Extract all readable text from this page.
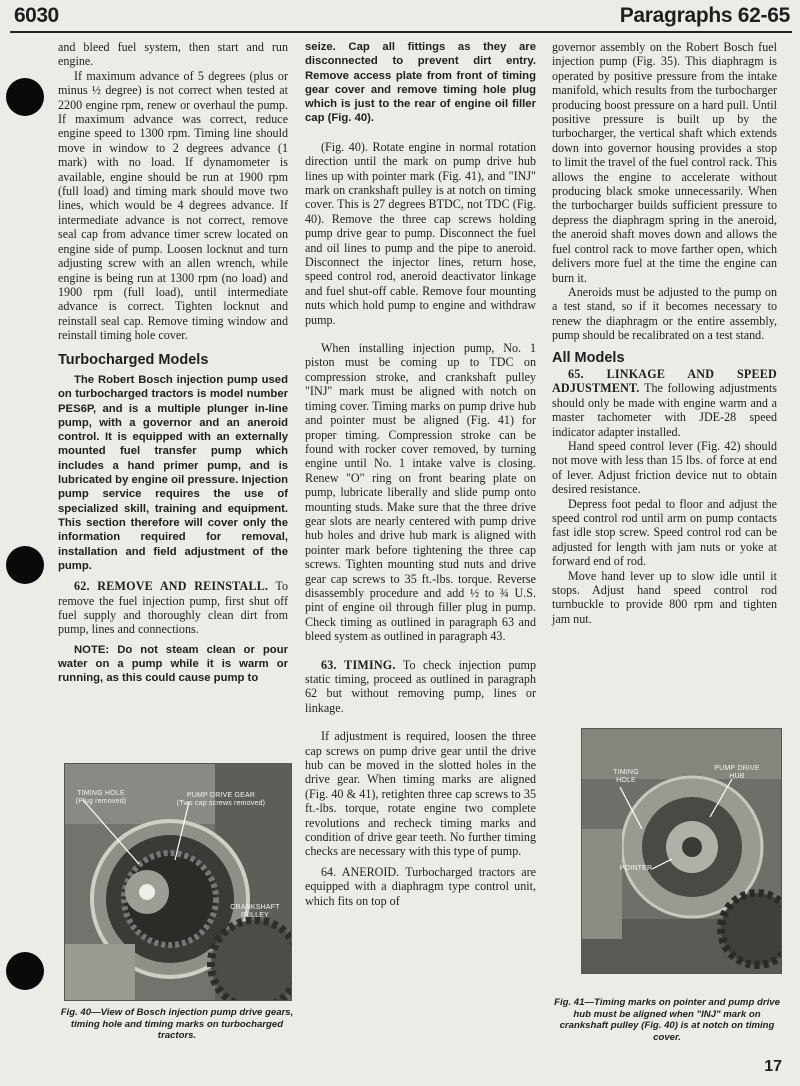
6030	Paragraphs 62-65

and bleed fuel system, then start and run engine.

If maximum advance of 5 degrees (plus or minus ½ degree) is not correct when tested at 2200 engine rpm, renew or overhaul the pump. If maximum advance was correct, reduce engine speed to 1300 rpm. Timing line should move in window to 2 degrees advance (1 mark) with no load. If dynamometer is available, engine should be run at 1900 rpm (full load) and timing mark should move two lines, which would be 4 degrees advance. If intermediate advance is not correct, remove seal cap from advance timer screw located on engine side of pump. Loosen locknut and turn adjusting screw with an allen wrench, while engine is being run at 1300 rpm (no load) and 1900 rpm (full load), until intermediate advance is correct. Tighten locknut and reinstall seal cap. Remove timing window and reinstall timing hole cover.

Turbocharged Models

The Robert Bosch injection pump used on turbocharged tractors is model number PES6P, and is a multiple plunger in-line pump, with a governor and an aneroid control. It is equipped with an externally mounted fuel transfer pump which includes a hand primer pump, and is lubricated by engine oil pressure. Injection pump service requires the use of specialized skill, training and equipment. This section therefore will cover only the information required for removal, installation and field adjustment of the pump.

62. REMOVE AND REINSTALL. To remove the fuel injection pump, first shut off fuel supply and thoroughly clean dirt from pump, lines and connections.

NOTE: Do not steam clean or pour water on a pump while it is warm or running, as this could cause pump to

seize. Cap all fittings as they are disconnected to prevent dirt entry. Remove access plate from front of timing gear cover and remove timing hole plug which is just to the rear of engine oil filler cap (Fig. 40).

(Fig. 40). Rotate engine in normal rotation direction until the mark on pump drive hub lines up with pointer mark (Fig. 41), and "INJ" mark on crankshaft pulley is at notch on timing cover. This is 27 degrees BTDC, not TDC (Fig. 40). Remove the three cap screws holding pump drive gear to pump. Disconnect the fuel and oil lines to pump and the pipe to aneroid. Disconnect the injector lines, return hose, speed control rod, aneroid deactivator linkage and fuel shut-off cable. Remove four mounting nuts which hold pump to engine and withdraw pump.

When installing injection pump, No. 1 piston must be coming up to TDC on compression stroke, and crankshaft pulley "INJ" mark must be aligned with notch on timing cover. Timing marks on pump drive hub and pointer must be aligned (Fig. 41) for proper timing. Compression stroke can be found with rocker cover removed, by turning engine until No. 1 intake valve is closing. Renew "O" ring on front bearing plate on pump, lubricate liberally and slide pump onto mounting studs. Make sure that the three drive gear slots are nearly centered with pump drive hub holes and drive hub mark is aligned with pointer mark before tightening the three cap screws. Tighten mounting stud nuts and drive gear cap screws to 35 ft.-lbs. torque. Reverse disassembly procedure and add ½ to ¾ U.S. pint of engine oil through filler plug in pump. Check timing as outlined in paragraph 63 and bleed system as outlined in paragraph 43.

63. TIMING. To check injection pump static timing, proceed as outlined in paragraph 62 but without removing pump, lines or linkage.

If adjustment is required, loosen the three cap screws on pump drive gear until the drive hub can be moved in the slotted holes in the drive gear. When timing marks are aligned (Fig. 40 & 41), retighten three cap screws to 35 ft.-lbs. torque, rotate engine two complete revolutions and recheck timing marks and condition of drive gear teeth. No further timing checks are necessary with this type of pump.

64. ANEROID. Turbocharged tractors are equipped with a diaphragm type control unit, which fits on top of

governor assembly on the Robert Bosch fuel injection pump (Fig. 35). This diaphragm is operated by positive pressure from the intake manifold, which results from the turbocharger producing boost pressure on a hard pull. Until positive pressure is built up by the turbocharger, the vertical shaft which extends down into governor housing provides a stop to limit the travel of the fuel control rack. This allows the engine to accelerate without producing black smoke unnecessarily. When the turbocharger builds sufficient pressure to depress the diaphragm spring in the aneroid, the aneroid shaft moves down and allows the fuel control rack to move farther open, which delivers more fuel at the time the engine can burn it.

Aneroids must be adjusted to the pump on a test stand, so if it becomes necessary to renew the diaphragm or the entire assembly, pump should be recalibrated on a test stand.

All Models

65. LINKAGE AND SPEED ADJUSTMENT. The following adjustments should only be made with engine warm and a master tachometer with JDE-28 speed indicator adapter installed.

Hand speed control lever (Fig. 42) should not move with less than 15 lbs. of force at end of lever. Adjust friction device nut to obtain desired resistance.

Depress foot pedal to floor and adjust the speed control rod until arm on pump contacts fast idle stop screw. Speed control rod can be adjusted for length with jam nuts or yoke at forward end of rod.

Move hand lever up to slow idle until it stops. Adjust hand speed control rod turnbuckle to provide 800 rpm and tighten jam nut.

TIMING HOLE
(Plug removed)
PUMP DRIVE GEAR
(Two cap screws removed)
CRANKSHAFT
PULLEY
Fig. 40—View of Bosch injection pump drive gears, timing hole and timing marks on turbocharged tractors.
TIMING HOLE
PUMP DRIVE HUB
POINTER
Fig. 41—Timing marks on pointer and pump drive hub must be aligned when "INJ" mark on crankshaft pulley (Fig. 40) is at notch on timing cover.
17
